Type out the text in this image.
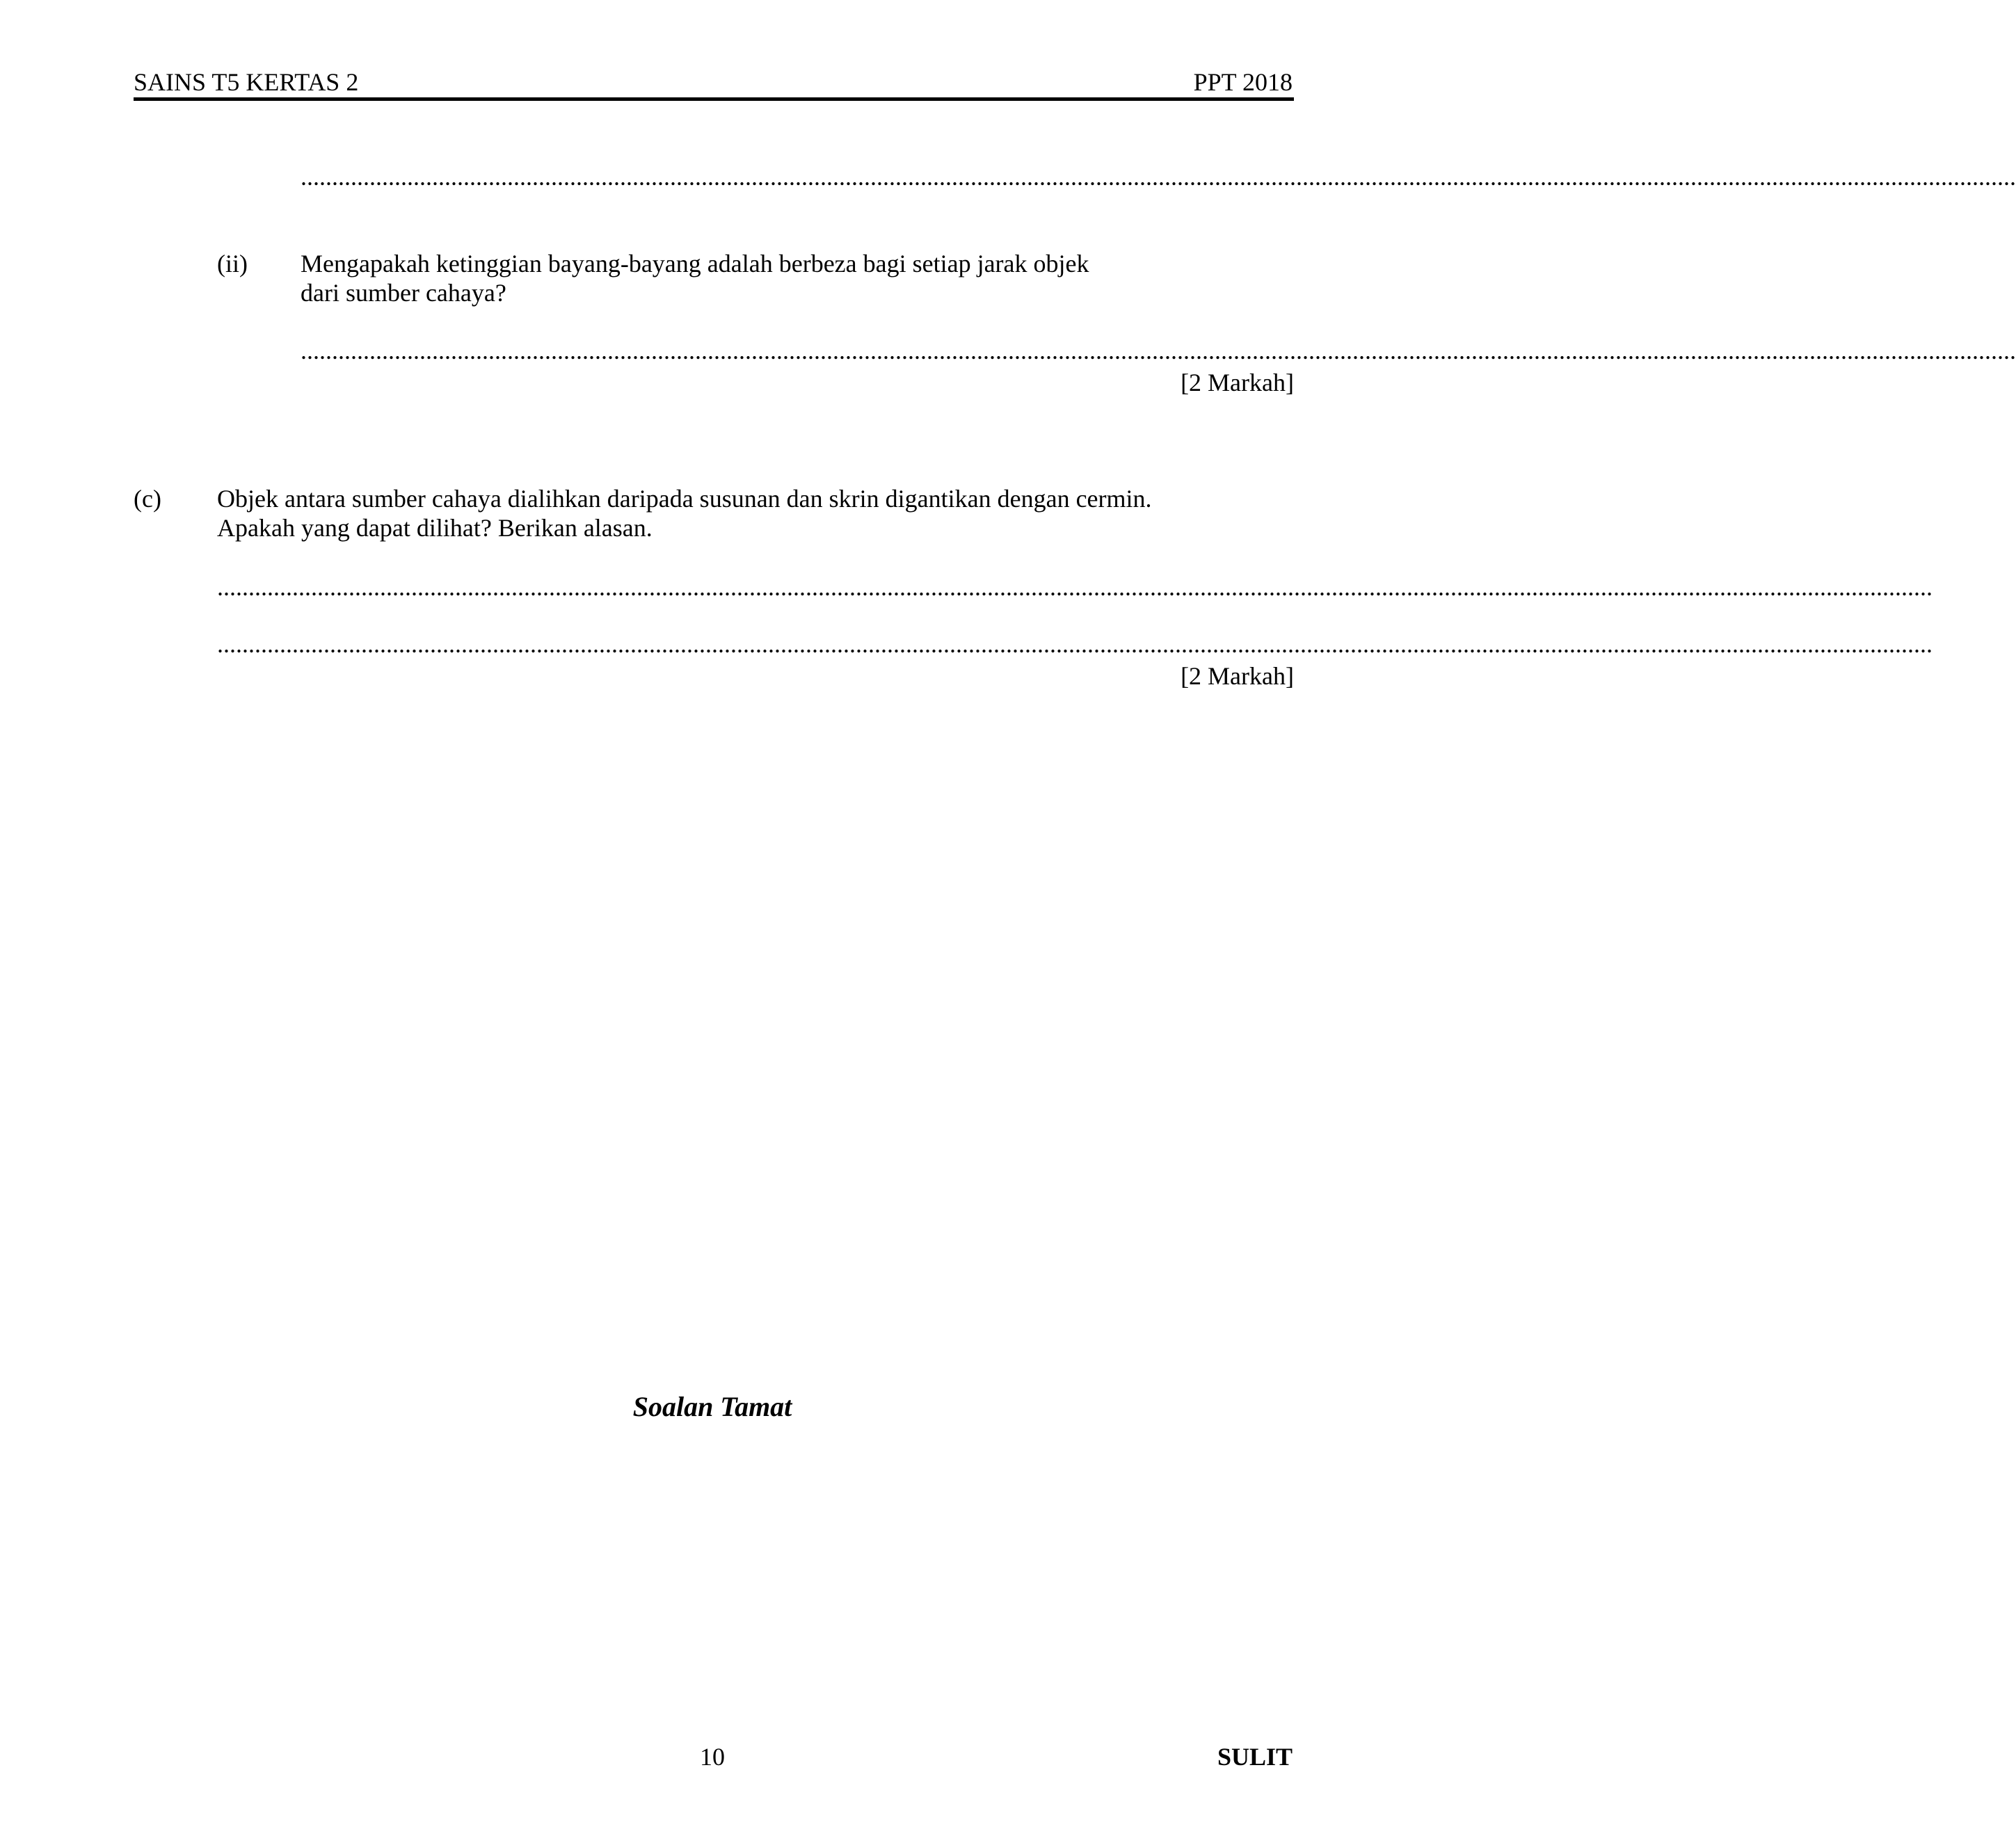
SAINS T5 KERTAS 2	PPT 2018
..................................................................................................................................................................................................................................................................................
(ii) Mengapakah ketinggian bayang-bayang adalah berbeza bagi setiap jarak objek
dari sumber cahaya?
..................................................................................................................................................................................................................................................................................
[2 Markah]
(c) Objek antara sumber cahaya dialihkan daripada susunan dan skrin digantikan dengan cermin.
Apakah yang dapat dilihat? Berikan alasan.
..................................................................................................................................................................................................................................................................................
..................................................................................................................................................................................................................................................................................
[2 Markah]
Soalan Tamat
10	SULIT
